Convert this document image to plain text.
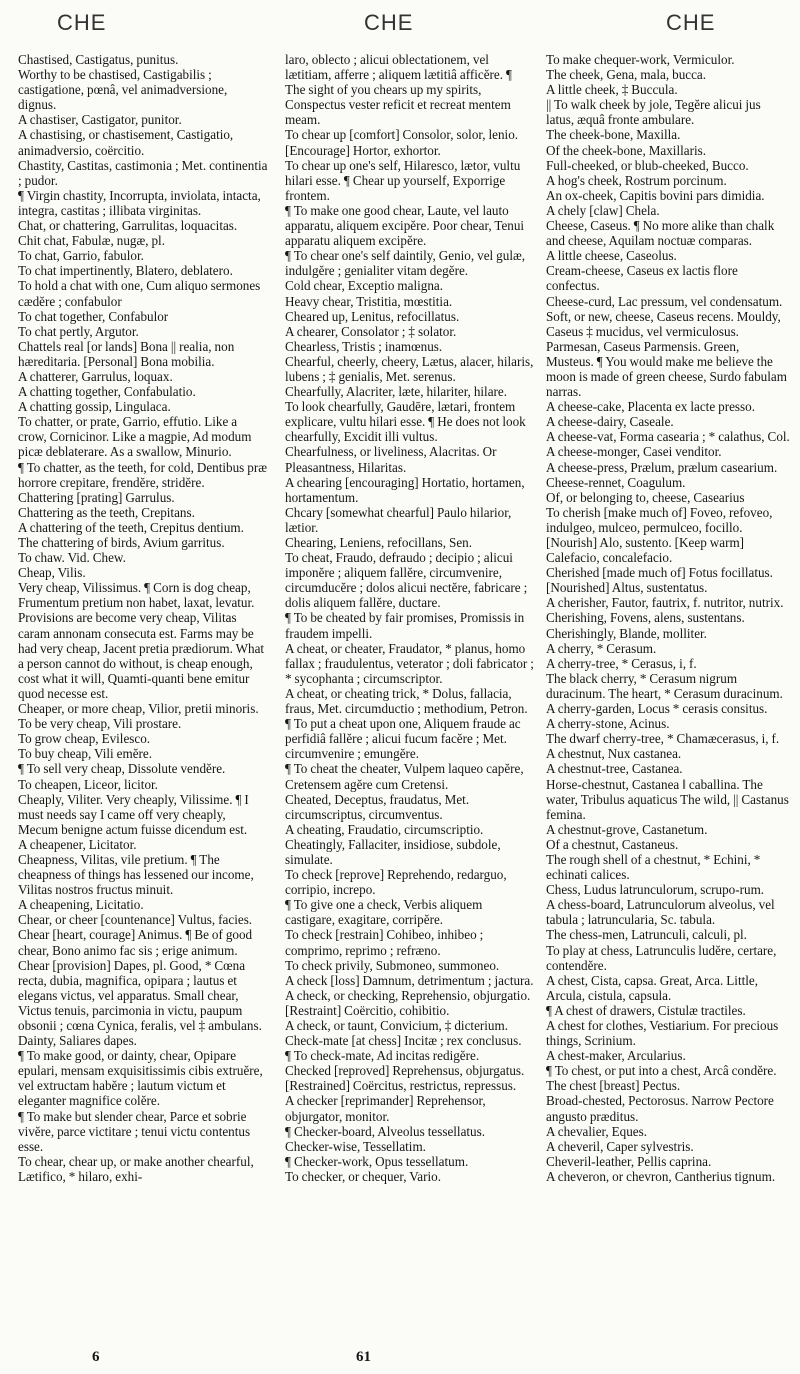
CHE	CHE	CHE

Chastised, Castigatus, punitus.

Worthy to be chastised, Castigabilis ; castigatione, pœnâ, vel animadversione, dignus.

A chastiser, Castigator, punitor.

A chastising, or chastisement, Castigatio, animadversio, coërcitio.

Chastity, Castitas, castimonia ; Met. continentia ; pudor.

¶ Virgin chastity, Incorrupta, inviolata, intacta, integra, castitas ; illibata virginitas.

Chat, or chattering, Garrulitas, loquacitas.

Chit chat, Fabulæ, nugæ, pl.

To chat, Garrio, fabulor.

To chat impertinently, Blatero, deblatero.

To hold a chat with one, Cum aliquo sermones cædĕre ; confabulor

To chat together, Confabulor

To chat pertly, Argutor.

Chattels real [or lands] Bona || realia, non hæreditaria. [Personal] Bona mobilia.

A chatterer, Garrulus, loquax.

A chatting together, Confabulatio.

A chatting gossip, Lingulaca.

To chatter, or prate, Garrio, effutio. Like a crow, Cornicinor. Like a magpie, Ad modum picæ deblaterare. As a swallow, Minurio.

¶ To chatter, as the teeth, for cold, Dentibus præ horrore crepitare, frendĕre, stridĕre.

Chattering [prating] Garrulus.

Chattering as the teeth, Crepitans.

A chattering of the teeth, Crepitus dentium.

The chattering of birds, Avium garritus.

To chaw. Vid. Chew.

Cheap, Vilis.

Very cheap, Vilissimus. ¶ Corn is dog cheap, Frumentum pretium non habet, laxat, levatur. Provisions are become very cheap, Vilitas caram annonam consecuta est. Farms may be had very cheap, Jacent pretia prædiorum. What a person cannot do without, is cheap enough, cost what it will, Quamti-quanti bene emitur quod necesse est.

Cheaper, or more cheap, Vilior, pretii minoris.

To be very cheap, Vili prostare.

To grow cheap, Evilesco.

To buy cheap, Vili emĕre.

¶ To sell very cheap, Dissolute vendĕre.

To cheapen, Liceor, licitor.

Cheaply, Viliter. Very cheaply, Vilissime. ¶ I must needs say I came off very cheaply, Mecum benigne actum fuisse dicendum est.

A cheapener, Licitator.

Cheapness, Vilitas, vile pretium. ¶ The cheapness of things has lessened our income, Vilitas nostros fructus minuit.

A cheapening, Licitatio.

Chear, or cheer [countenance] Vultus, facies.

Chear [heart, courage] Animus. ¶ Be of good chear, Bono animo fac sis ; erige animum.

Chear [provision] Dapes, pl. Good, * Cœna recta, dubia, magnifica, opipara ; lautus et elegans victus, vel apparatus. Small chear, Victus tenuis, parcimonia in victu, paupum obsonii ; cœna Cynica, feralis, vel ‡ ambulans. Dainty, Saliares dapes.

¶ To make good, or dainty, chear, Opipare epulari, mensam exquisitissimis cibis extruĕre, vel extructam habĕre ; lautum victum et eleganter magnifice colĕre.

¶ To make but slender chear, Parce et sobrie vivĕre, parce victitare ; tenui victu contentus esse.

To chear, chear up, or make another chearful, Lætifico, * hilaro, exhi-

laro, oblecto ; alicui oblectationem, vel lætitiam, afferre ; aliquem lætitiâ afficĕre. ¶ The sight of you chears up my spirits, Conspectus vester reficit et recreat mentem meam.

To chear up [comfort] Consolor, solor, lenio. [Encourage] Hortor, exhortor.

To chear up one's self, Hilaresco, lætor, vultu hilari esse. ¶ Chear up yourself, Exporrige frontem.

¶ To make one good chear, Laute, vel lauto apparatu, aliquem excipĕre. Poor chear, Tenui apparatu aliquem excipĕre.

¶ To chear one's self daintily, Genio, vel gulæ, indulgĕre ; genialiter vitam degĕre.

Cold chear, Exceptio maligna.

Heavy chear, Tristitia, mœstitia.

Cheared up, Lenitus, refocillatus.

A chearer, Consolator ; ‡ solator.

Chearless, Tristis ; inamœnus.

Chearful, cheerly, cheery, Lætus, alacer, hilaris, lubens ; ‡ genialis, Met. serenus.

Chearfully, Alacriter, læte, hilariter, hilare.

To look chearfully, Gaudēre, lætari, frontem explicare, vultu hilari esse. ¶ He does not look chearfully, Excidit illi vultus.

Chearfulness, or liveliness, Alacritas. Or Pleasantness, Hilaritas.

A chearing [encouraging] Hortatio, hortamen, hortamentum.

Chcary [somewhat chearful] Paulo hilarior, lætior.

Chearing, Leniens, refocillans, Sen.

To cheat, Fraudo, defraudo ; decipio ; alicui imponĕre ; aliquem fallĕre, circumvenire, circumducĕre ; dolos alicui nectĕre, fabricare ; dolis aliquem fallĕre, ductare.

¶ To be cheated by fair promises, Promissis in fraudem impelli.

A cheat, or cheater, Fraudator, * planus, homo fallax ; fraudulentus, veterator ; doli fabricator ; * sycophanta ; circumscriptor.

A cheat, or cheating trick, * Dolus, fallacia, fraus, Met. circumductio ; methodium, Petron.

¶ To put a cheat upon one, Aliquem fraude ac perfidiâ fallĕre ; alicui fucum facĕre ; Met. circumvenire ; emungĕre.

¶ To cheat the cheater, Vulpem laqueo capĕre, Cretensem agĕre cum Cretensi.

Cheated, Deceptus, fraudatus, Met. circumscriptus, circumventus.

A cheating, Fraudatio, circumscriptio.

Cheatingly, Fallaciter, insidiose, subdole, simulate.

To check [reprove] Reprehendo, redarguo, corripio, increpo.

¶ To give one a check, Verbis aliquem castigare, exagitare, corripĕre.

To check [restrain] Cohibeo, inhibeo ; comprimo, reprimo ; refrænо.

To check privily, Submoneo, summoneo.

A check [loss] Damnum, detrimentum ; jactura.

A check, or checking, Reprehensio, objurgatio. [Restraint] Coërcitio, cohibitio.

A check, or taunt, Convicium, ‡ dicterium.

Check-mate [at chess] Incitæ ; rex conclusus.

¶ To check-mate, Ad incitas redigĕre.

Checked [reproved] Reprehensus, objurgatus. [Restrained] Coërcitus, restrictus, repressus.

A checker [reprimander] Reprehensor, objurgator, monitor.

¶ Checker-board, Alveolus tessellatus.

Checker-wise, Tessellatim.

¶ Checker-work, Opus tessellatum.

To checker, or chequer, Vario.

To make chequer-work, Vermiculor.

The cheek, Gena, mala, bucca.

A little cheek, ‡ Buccula.

|| To walk cheek by jole, Tegĕre alicui jus latus, æquâ fronte ambulare.

The cheek-bone, Maxilla.

Of the cheek-bone, Maxillaris.

Full-cheeked, or blub-cheeked, Bucco.

A hog's cheek, Rostrum porcinum.

An ox-cheek, Capitis bovini pars dimidia.

A chely [claw] Chela.

Cheese, Caseus. ¶ No more alike than chalk and cheese, Aquilam noctuæ comparas.

A little cheese, Caseolus.

Cream-cheese, Caseus ex lactis flore confectus.

Cheese-curd, Lac pressum, vel condensatum.

Soft, or new, cheese, Caseus recens. Mouldy, Caseus ‡ mucidus, vel vermiculosus. Parmesan, Caseus Parmensis. Green, Musteus. ¶ You would make me believe the moon is made of green cheese, Surdo fabulam narras.

A cheese-cake, Placenta ex lacte presso.

A cheese-dairy, Caseale.

A cheese-vat, Forma casearia ; * calathus, Col.

A cheese-monger, Casei venditor.

A cheese-press, Prælum, prælum casearium.

Cheese-rennet, Coagulum.

Of, or belonging to, cheese, Casearius

To cherish [make much of] Foveo, refoveo, indulgeo, mulceo, permulceo, focillo. [Nourish] Alo, sustento. [Keep warm] Calefacio, concalefacio.

Cherished [made much of] Fotus focillatus. [Nourished] Altus, sustentatus.

A cherisher, Fautor, fautrix, f. nutritor, nutrix.

Cherishing, Fovens, alens, sustentans.

Cherishingly, Blande, molliter.

A cherry, * Cerasum.

A cherry-tree, * Cerasus, i, f.

The black cherry, * Cerasum nigrum duracinum. The heart, * Cerasum duracinum.

A cherry-garden, Locus * cerasis consitus.

A cherry-stone, Acinus.

The dwarf cherry-tree, * Chamæcerasus, i, f.

A chestnut, Nux castanea.

A chestnut-tree, Castanea.

Horse-chestnut, Castanea ‖ caballina. The water, Tribulus aquaticus The wild, || Castanus femina.

A chestnut-grove, Castanetum.

Of a chestnut, Castaneus.

The rough shell of a chestnut, * Echini, * echinati calices.

Chess, Ludus latrunculorum, scrupo-rum.

A chess-board, Latrunculorum alveolus, vel tabula ; latruncularia, Sc. tabula.

The chess-men, Latrunculi, calculi, pl.

To play at chess, Latrunculis ludĕre, certare, contendĕre.

A chest, Cista, capsa. Great, Arca. Little, Arcula, cistula, capsula.

¶ A chest of drawers, Cistulæ tractiles.

A chest for clothes, Vestiarium. For precious things, Scrinium.

A chest-maker, Arcularius.

¶ To chest, or put into a chest, Arcâ condĕre.

The chest [breast] Pectus.

Broad-chested, Pectorosus. Narrow Pectore angusto præditus.

A chevalier, Eques.

A cheveril, Caper sylvestris.

Cheveril-leather, Pellis caprina.

A cheveron, or chevron, Cantherius tignum.

6	61
